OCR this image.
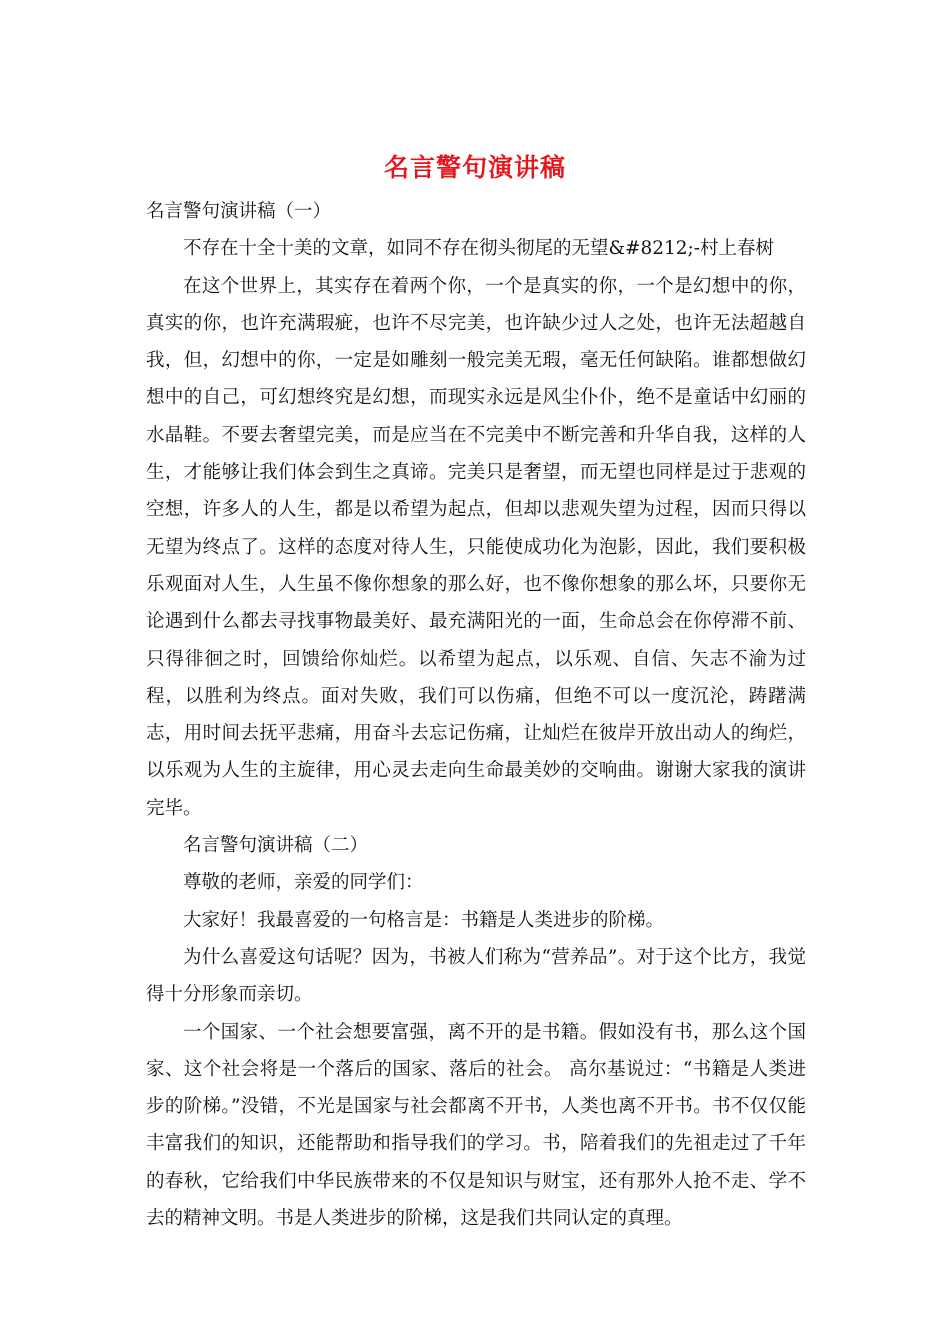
名言警句演讲稿

名言警句演讲稿（一）

不存在十全十美的文章，如同不存在彻头彻尾的无望&#8212;-村上春树

在这个世界上，其实存在着两个你，一个是真实的你，一个是幻想中的你，真实的你，也许充满瑕疵，也许不尽完美，也许缺少过人之处，也许无法超越自我，但，幻想中的你，一定是如雕刻一般完美无瑕，毫无任何缺陷。谁都想做幻想中的自己，可幻想终究是幻想，而现实永远是风尘仆仆，绝不是童话中幻丽的水晶鞋。不要去奢望完美，而是应当在不完美中不断完善和升华自我，这样的人生，才能够让我们体会到生之真谛。完美只是奢望，而无望也同样是过于悲观的空想，许多人的人生，都是以希望为起点，但却以悲观失望为过程，因而只得以无望为终点了。这样的态度对待人生，只能使成功化为泡影，因此，我们要积极乐观面对人生，人生虽不像你想象的那么好，也不像你想象的那么坏，只要你无论遇到什么都去寻找事物最美好、最充满阳光的一面，生命总会在你停滞不前、只得徘徊之时，回馈给你灿烂。以希望为起点，以乐观、自信、矢志不渝为过程，以胜利为终点。面对失败，我们可以伤痛，但绝不可以一度沉沦，踌躇满志，用时间去抚平悲痛，用奋斗去忘记伤痛，让灿烂在彼岸开放出动人的绚烂，以乐观为人生的主旋律，用心灵去走向生命最美妙的交响曲。谢谢大家我的演讲完毕。

名言警句演讲稿（二）

尊敬的老师，亲爱的同学们：

大家好！我最喜爱的一句格言是：书籍是人类进步的阶梯。

为什么喜爱这句话呢？因为，书被人们称为“营养品”。对于这个比方，我觉得十分形象而亲切。

一个国家、一个社会想要富强，离不开的是书籍。假如没有书，那么这个国家、这个社会将是一个落后的国家、落后的社会。 高尔基说过：“书籍是人类进步的阶梯。”没错，不光是国家与社会都离不开书，人类也离不开书。书不仅仅能丰富我们的知识，还能帮助和指导我们的学习。书，陪着我们的先祖走过了千年的春秋，它给我们中华民族带来的不仅是知识与财宝，还有那外人抢不走、学不去的精神文明。书是人类进步的阶梯，这是我们共同认定的真理。
